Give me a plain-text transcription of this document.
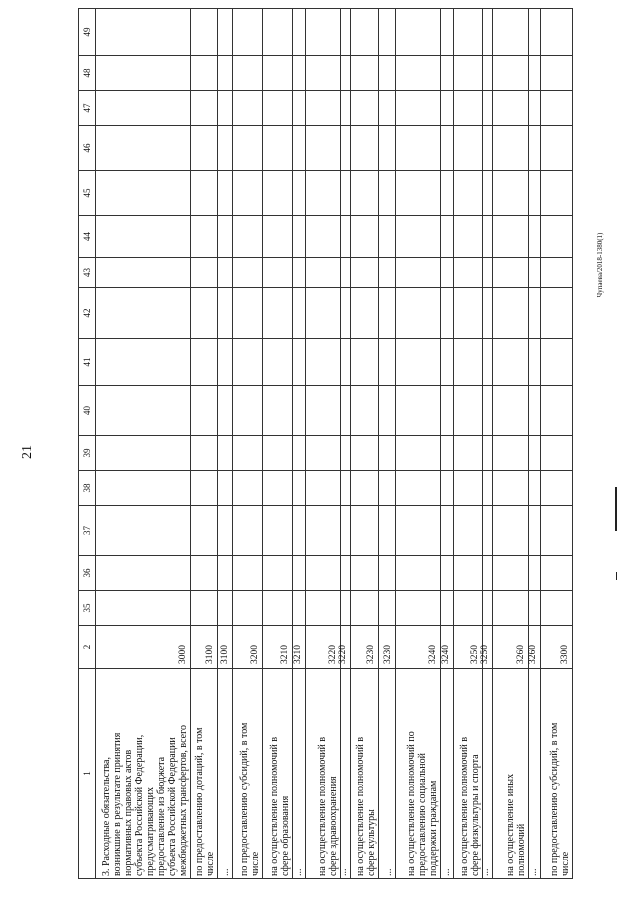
21
Чупаева/2018-1380(1)
1
2
35
36
37
38
39
40
41
42
43
44
45
46
47
48
49
3. Расходные обязательства, возникшие в результате принятия нормативных правовых актов субъекта Российской Федерации, предусматривающих предоставление из бюджета субъекта Российской Федерации межбюджетных трансфертов, всего
3000
по предоставлению дотаций, в том числе
3100
...
3100
по предоставлению субсидий, в том числе
3200
на осуществление полномочий в сфере образования
3210
...
3210
на осуществление полномочий в сфере здравоохранения
3220
...
3220
на осуществление полномочий в сфере культуры
3230
...
3230
на осуществление полномочий по предоставлению социальной поддержки гражданам
3240
...
3240
на осуществление полномочий в сфере физкультуры и спорта
3250
...
3250
на осуществление иных полномочий
3260
...
3260
по предоставлению субсидий, в том числе
3300
